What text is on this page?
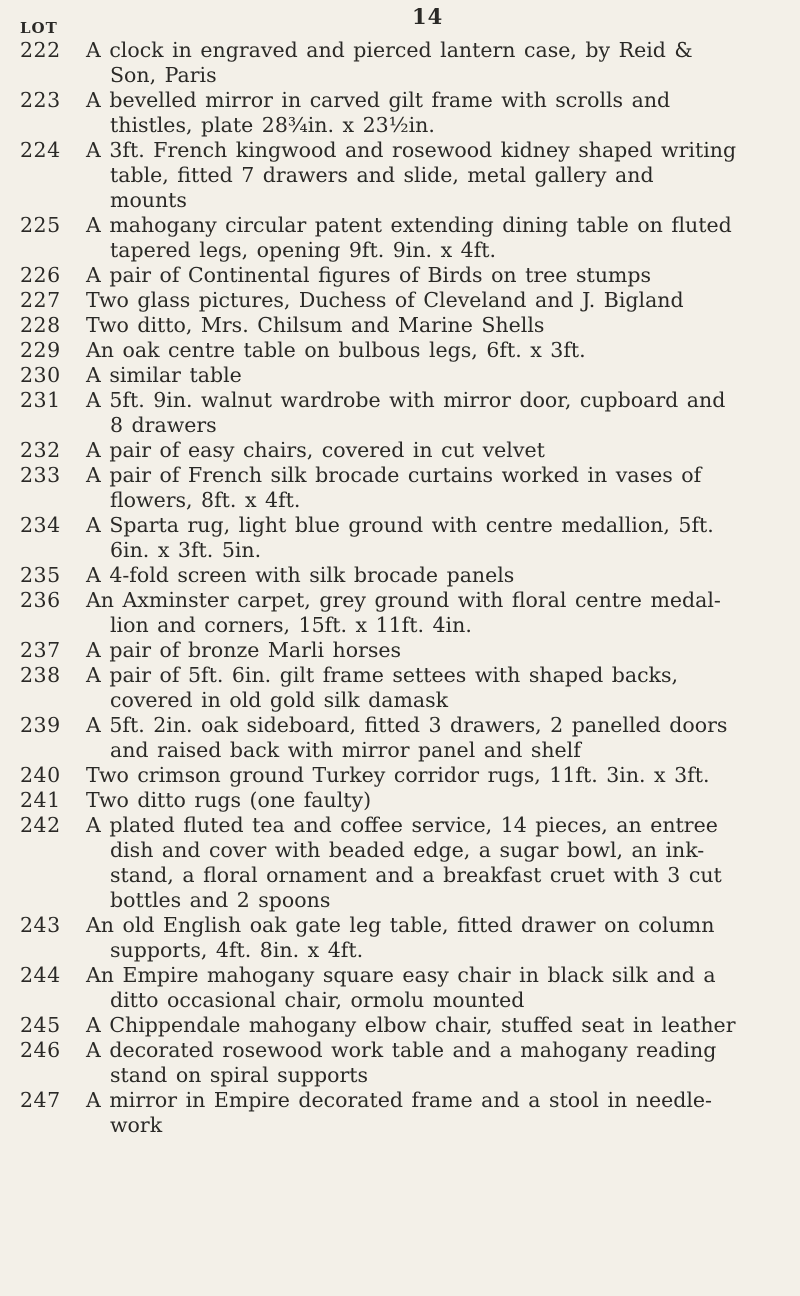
14
LOT
222 A clock in engraved and pierced lantern case, by Reid &
Son, Paris
223 A bevelled mirror in carved gilt frame with scrolls and
thistles, plate 28¾in. x 23½in.
224 A 3ft. French kingwood and rosewood kidney shaped writing
table, fitted 7 drawers and slide, metal gallery and
mounts
225 A mahogany circular patent extending dining table on fluted
tapered legs, opening 9ft. 9in. x 4ft.
226 A pair of Continental figures of Birds on tree stumps
227 Two glass pictures, Duchess of Cleveland and J. Bigland
228 Two ditto, Mrs. Chilsum and Marine Shells
229 An oak centre table on bulbous legs, 6ft. x 3ft.
230 A similar table
231 A 5ft. 9in. walnut wardrobe with mirror door, cupboard and
8 drawers
232 A pair of easy chairs, covered in cut velvet
233 A pair of French silk brocade curtains worked in vases of
flowers, 8ft. x 4ft.
234 A Sparta rug, light blue ground with centre medallion, 5ft.
6in. x 3ft. 5in.
235 A 4-fold screen with silk brocade panels
236 An Axminster carpet, grey ground with floral centre medal-
lion and corners, 15ft. x 11ft. 4in.
237 A pair of bronze Marli horses
238 A pair of 5ft. 6in. gilt frame settees with shaped backs,
covered in old gold silk damask
239 A 5ft. 2in. oak sideboard, fitted 3 drawers, 2 panelled doors
and raised back with mirror panel and shelf
240 Two crimson ground Turkey corridor rugs, 11ft. 3in. x 3ft.
241 Two ditto rugs (one faulty)
242 A plated fluted tea and coffee service, 14 pieces, an entree
dish and cover with beaded edge, a sugar bowl, an ink-
stand, a floral ornament and a breakfast cruet with 3 cut
bottles and 2 spoons
243 An old English oak gate leg table, fitted drawer on column
supports, 4ft. 8in. x 4ft.
244 An Empire mahogany square easy chair in black silk and a
ditto occasional chair, ormolu mounted
245 A Chippendale mahogany elbow chair, stuffed seat in leather
246 A decorated rosewood work table and a mahogany reading
stand on spiral supports
247 A mirror in Empire decorated frame and a stool in needle-
work
